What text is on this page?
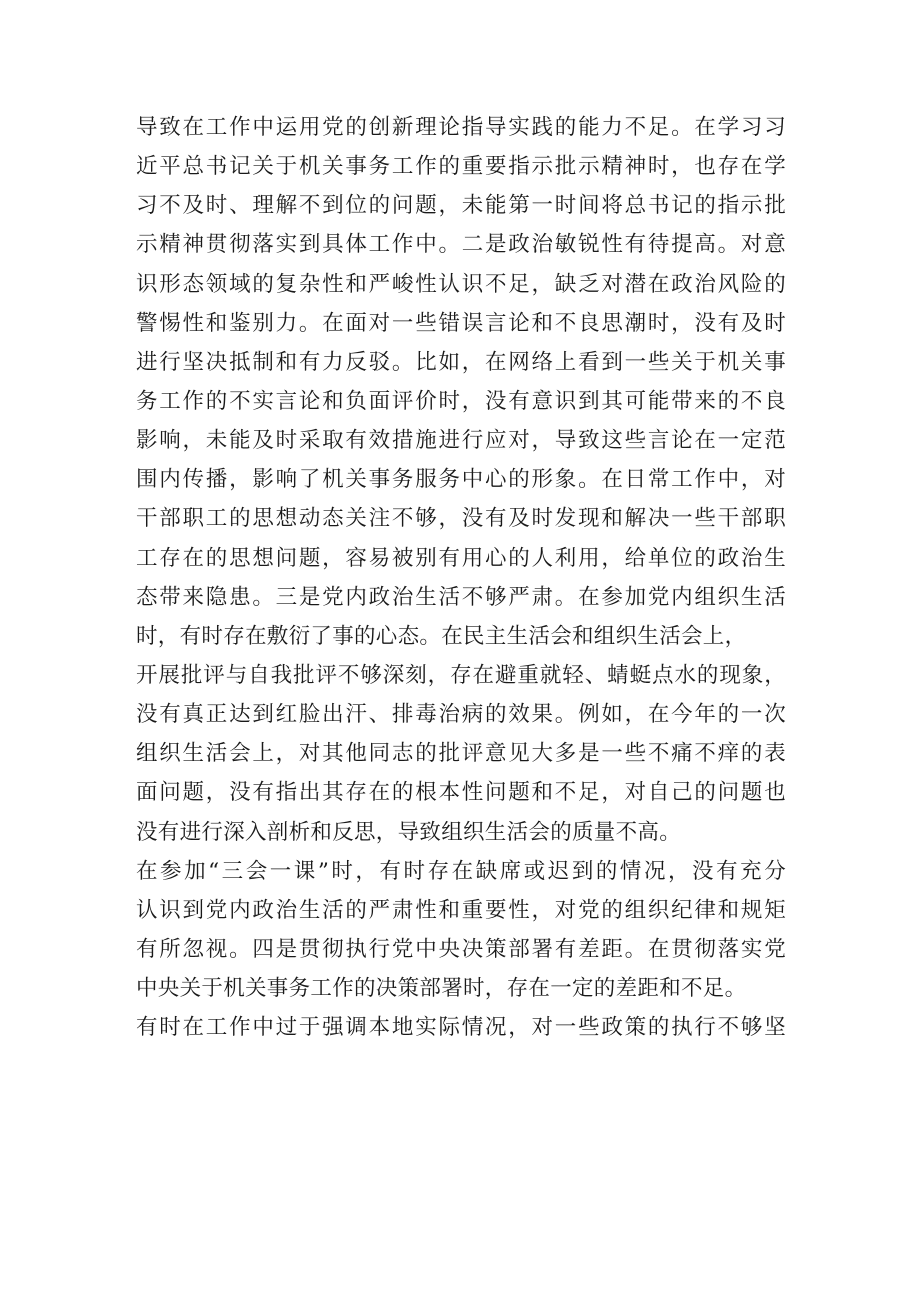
导致在工作中运用党的创新理论指导实践的能力不足。在学习习
近平总书记关于机关事务工作的重要指示批示精神时，也存在学
习不及时、理解不到位的问题，未能第一时间将总书记的指示批
示精神贯彻落实到具体工作中。二是政治敏锐性有待提高。对意
识形态领域的复杂性和严峻性认识不足，缺乏对潜在政治风险的
警惕性和鉴别力。在面对一些错误言论和不良思潮时，没有及时
进行坚决抵制和有力反驳。比如，在网络上看到一些关于机关事
务工作的不实言论和负面评价时，没有意识到其可能带来的不良
影响，未能及时采取有效措施进行应对，导致这些言论在一定范
围内传播，影响了机关事务服务中心的形象。在日常工作中，对
干部职工的思想动态关注不够，没有及时发现和解决一些干部职
工存在的思想问题，容易被别有用心的人利用，给单位的政治生
态带来隐患。三是党内政治生活不够严肃。在参加党内组织生活
时，有时存在敷衍了事的心态。在民主生活会和组织生活会上，
开展批评与自我批评不够深刻，存在避重就轻、蜻蜓点水的现象，
没有真正达到红脸出汗、排毒治病的效果。例如，在今年的一次
组织生活会上，对其他同志的批评意见大多是一些不痛不痒的表
面问题，没有指出其存在的根本性问题和不足，对自己的问题也
没有进行深入剖析和反思，导致组织生活会的质量不高。
在参加“三会一课”时，有时存在缺席或迟到的情况，没有充分
认识到党内政治生活的严肃性和重要性，对党的组织纪律和规矩
有所忽视。四是贯彻执行党中央决策部署有差距。在贯彻落实党
中央关于机关事务工作的决策部署时，存在一定的差距和不足。
有时在工作中过于强调本地实际情况，对一些政策的执行不够坚
